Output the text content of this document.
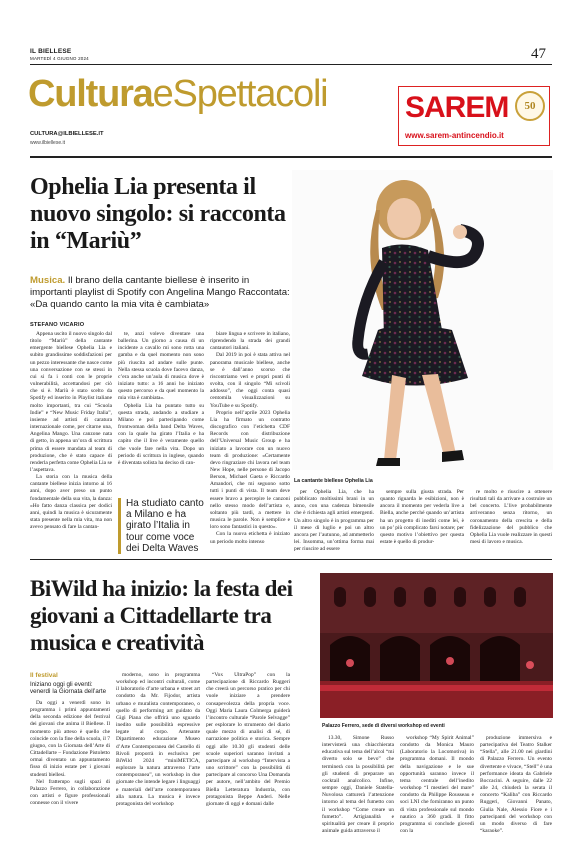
IL BIELLESE
MARTEDÌ 4 GIUGNO 2024	47
CulturaeSpettacoli
CULTURA@ILBIELLESE.IT
www.ilbiellese.it
SAREM 50
www.sarem-antincendio.it
Ophelia Lia presenta il nuovo singolo: si racconta in “Mariù”
Musica. Il brano della cantante biellese è inserito in importanti playlist di Spotify con Angelina Mango Raccontata: «Da quando canto la mia vita è cambiata»
STEFANO VICARIO

Appena uscito il nuovo singolo dal titolo “Mariù” della cantante emergente biellese Ophelia Lia e subito grandissime soddisfazioni per un pezzo interessante che nasce come una conversazione con se stessi in cui si fa i conti con le proprie vulnerabilità, accettandosi per ciò che si è. Mariù è stato scelto da Spotify ed inserito in Playlist italiane molto importanti, tra cui “Scuola Indie” e “New Music Friday Italia”, insieme ad artisti di caratura internazionale come, per citarne una, Angelina Mango. Una canzone nata di getto, in appena un’ora di scrittura prima di essere mandata al team di produzione, che è stato capace di renderla perfetta come Ophelia Lia se l’aspettava.

La storia con la musica della cantante biellese inizia intorno ai 16 anni, dopo aver preso un punto fondamentale della sua vita, la danza: «Ho fatto danza classica per dodici anni, quindi la musica è sicuramente stata presente nella mia vita, ma non avevo pensato di fare la cantan-

te, anzi volevo diventare una ballerina. Un giorno a causa di un incidente a cavallo mi sono rotta una gamba e da quel momento non sono più riuscita ad andare sulle punte. Nella stessa scuola dove facevo danza, c’era anche un’aula di musica dove è iniziato tutto: a 16 anni ho iniziato questo percorso e da quel momento la mia vita è cambiata».

Ophelia Lia ha puntato tutto su questa strada, andando a studiare a Milano e poi partecipando come frontwoman della band Delta Waves, con la quale ha girato l’Italia e ha capito che il live è veramente quello che vuole fare nella vita. Dopo un periodo di scrittura in inglese, quando è diventata solista ha deciso di can-

Ha studiato canto a Milano e ha girato l’Italia in tour come voce dei Delta Waves

biare lingua e scrivere in italiano, riprendendo la strada dei grandi cantautori italiani.

Dal 2019 in poi è stata attiva nel panorama musicale biellese, anche se è dall’anno scorso che riscontriamo veri e propri punti di svolta, con il singolo “Mi scivoli addosso”, che oggi conta quasi centomila visualizzazioni su YouTube e su Spotify.

Proprio nell’aprile 2023 Ophelia Lia ha firmato un contratto discografico con l’etichetta CDF Records con distribuzione dell’Universal Music Group e ha iniziato a lavorare con un nuovo team di produzione: «Certamente devo ringraziare chi lavora nel team New Hope, nelle persone di Jacopo Berson, Michael Gaeta e Riccardo Amandori, che mi seguono sotto tutti i punti di vista. Il team deve essere bravo a percepire le canzoni nello stesso modo dell’artista e, soltanto più tardi, a mettere in musica le parole. Non è semplice e loro sono fantastici in questo».

Con la nuova etichetta è iniziato un periodo molto intenso

La cantante biellese Ophelia Lia

per Ophelia Lia, che ha pubblicato moltissimi brani in un anno, con una cadenza bimensile che è richiesta agli artisti emergenti. Un altro singolo è in programma per il mese di luglio e poi un altro ancora per l’autunno, ad ammetterlo lei. Insomma, un’ottima forma mai per riuscire ad essere

sempre sulla giusta strada. Per quanto riguarda le esibizioni, non è ancora il momento per vederla live a Biella, anche perché quando un’artista ha un progetto di inediti come lei, è un po’ più complicato farsi notare; per questo motivo l’obiettivo per questa estate è quello di produr-

re molto e riuscire a ottenere risultati tali da arrivare a costruire un bel concerto. L’live probabilmente arriveranno senza ritorno, un coronamento della crescita e della fidelizzazione del pubblico che Ophelia Lia vuole realizzare in questi mesi di lavoro e musica.

BiWild ha inizio: la festa dei giovani a Cittadellarte tra musica e creatività
Il festival
Iniziano oggi gli eventi: venerdì la Giornata dell’arte

Da oggi a venerdì sono in programma i primi appuntamenti della seconda edizione del festival dei giovani che anima il Biellese. Il momento più atteso è quello che coincide con la fine della scuola, il 7 giugno, con la Giornata dell’Arte di Cittadellarte – Fondazione Pistoletto ormai diventato un appuntamento fisso di inizio estate per i giovani studenti biellesi.

Nel frattempo sugli spazi di Palazzo Ferrero, in collaborazione con artisti e figure professionali connesse con il vivere

moderno, sono in programma workshop ed incontri culturali, come il laboratorio d’arte urbana e street art condotto da Mr. Fijodor, artista urbano e muralista contemporaneo, o quello di performing art guidato da Gigi Piana che offrirà uno sguardo inedito sulle possibilità espressive legate al corpo. Artenante Dipartimento educazione Museo d’Arte Contemporanea del Castello di Rivoli proporrà in esclusiva per BiWild 2024 “miniMETICA, esplorare la natura attraverso l’arte contemporanea”, un workshop in due giornate che intende legare i linguaggi e materiali dell’arte contemporanea alla natura. La musica è invece protagonista del workshop

“Vox UltraPop” con la partecipazione di Riccardo Ruggeri che creerà un percorso pratico per chi vuole iniziare a prendere consapevolezza della propria voce. Oggi Maria Laura Colmerga guiderà l’incontro culturale “Parole Selvagge” per esplorare lo strumento del diario quale mezzo di analisi di sé, di narrazione politica e storica. Sempre oggi alle 10.30 gli studenti delle scuole superiori saranno invitati a partecipare al workshop “Intervista a uno scrittore” con la possibilità di partecipare al concorso Una Domanda per autore, nell’ambito del Premio Biella Letteratura Industria, con protagonista Beppe Anderi. Nelle giornate di oggi e domani dalle

Palazzo Ferrero, sede di diversi workshop ed eventi

13.30, Simone Russo intervisterà una chiacchierata educativa sul tema dell’alcol “mi diverto solo se bevo” che terminerà con la possibilità per gli studenti di preparare un cocktail analcolico. Infine, sempre oggi, Daniele Statella-Nuvolosa catturerà l’attenzione intorno al tema del fumetto con il workshop “Come creare un fumetto”. Artigianalità e spiritualità per creare il proprio animale guida attraverso il

workshop “My Spirit Animal” condotto da Monica Mauro (Laboratorio la Locomotiva) in programma domani. Il mondo della navigazione e le sue opportunità saranno invece il tema centrale dell’inedito workshop “I mestieri del mare” condotto da Philippe Rousseau e soci LNI che forniranno un punto di vista professionale sul mondo nautico a 360 gradi. Il fitto programma si conclude giovedì con la

produzione immersiva e partecipativa del Teatro Stalker “Stella”, alle 21.00 nei giardini di Palazzo Ferrero. Un evento divertente e vivace, “Stell” è una performance ideata da Gabriele Boccacini. A seguire, dalle 22 alle 24, chiuderà la serata il concerto “Kaliba” con Riccardo Ruggeri, Giovanni Panato, Giulia Nale, Alessio Fiore e i partecipanti del workshop con un modo diverso di fare “karaoke”.
